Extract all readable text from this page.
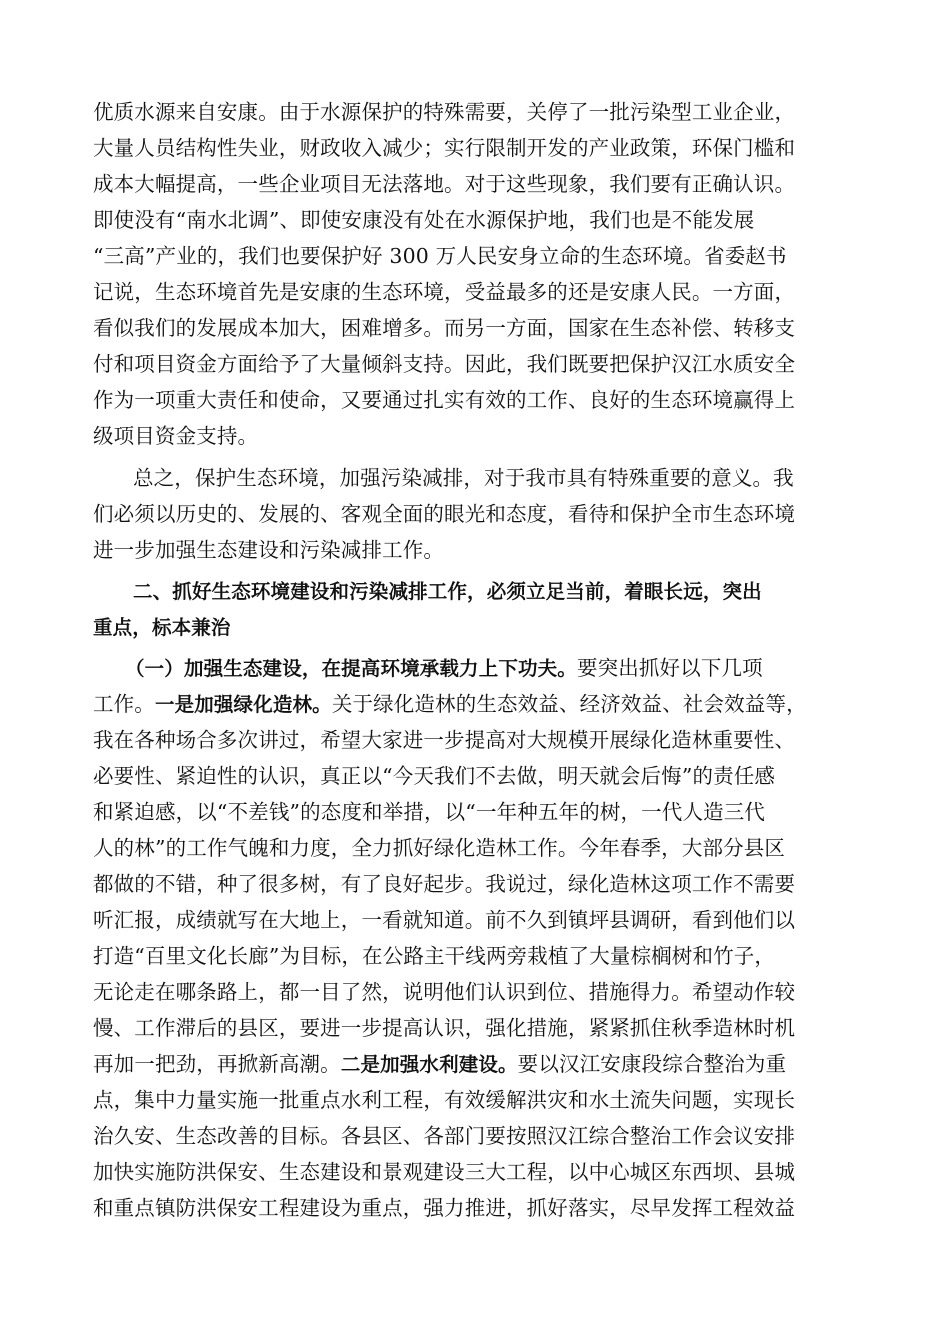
优质水源来自安康。由于水源保护的特殊需要，关停了一批污染型工业企业，
大量人员结构性失业，财政收入减少；实行限制开发的产业政策，环保门槛和
成本大幅提高，一些企业项目无法落地。对于这些现象，我们要有正确认识。
即使没有“南水北调”、即使安康没有处在水源保护地，我们也是不能发展
“三高”产业的，我们也要保护好 300 万人民安身立命的生态环境。省委赵书
记说，生态环境首先是安康的生态环境，受益最多的还是安康人民。一方面，
看似我们的发展成本加大，困难增多。而另一方面，国家在生态补偿、转移支
付和项目资金方面给予了大量倾斜支持。因此，我们既要把保护汉江水质安全
作为一项重大责任和使命，又要通过扎实有效的工作、良好的生态环境赢得上
级项目资金支持。
总之，保护生态环境，加强污染减排，对于我市具有特殊重要的意义。我
们必须以历史的、发展的、客观全面的眼光和态度，看待和保护全市生态环境
进一步加强生态建设和污染减排工作。
二、抓好生态环境建设和污染减排工作，必须立足当前，着眼长远，突出
重点，标本兼治
（一）加强生态建设，在提高环境承载力上下功夫。要突出抓好以下几项
工作。一是加强绿化造林。关于绿化造林的生态效益、经济效益、社会效益等，
我在各种场合多次讲过，希望大家进一步提高对大规模开展绿化造林重要性、
必要性、紧迫性的认识，真正以“今天我们不去做，明天就会后悔”的责任感
和紧迫感，以“不差钱”的态度和举措，以“一年种五年的树，一代人造三代
人的林”的工作气魄和力度，全力抓好绿化造林工作。今年春季，大部分县区
都做的不错，种了很多树，有了良好起步。我说过，绿化造林这项工作不需要
听汇报，成绩就写在大地上，一看就知道。前不久到镇坪县调研，看到他们以
打造“百里文化长廊”为目标，在公路主干线两旁栽植了大量棕榈树和竹子，
无论走在哪条路上，都一目了然，说明他们认识到位、措施得力。希望动作较
慢、工作滞后的县区，要进一步提高认识，强化措施，紧紧抓住秋季造林时机
再加一把劲，再掀新高潮。二是加强水利建设。要以汉江安康段综合整治为重
点，集中力量实施一批重点水利工程，有效缓解洪灾和水土流失问题，实现长
治久安、生态改善的目标。各县区、各部门要按照汉江综合整治工作会议安排
加快实施防洪保安、生态建设和景观建设三大工程，以中心城区东西坝、县城
和重点镇防洪保安工程建设为重点，强力推进，抓好落实，尽早发挥工程效益
